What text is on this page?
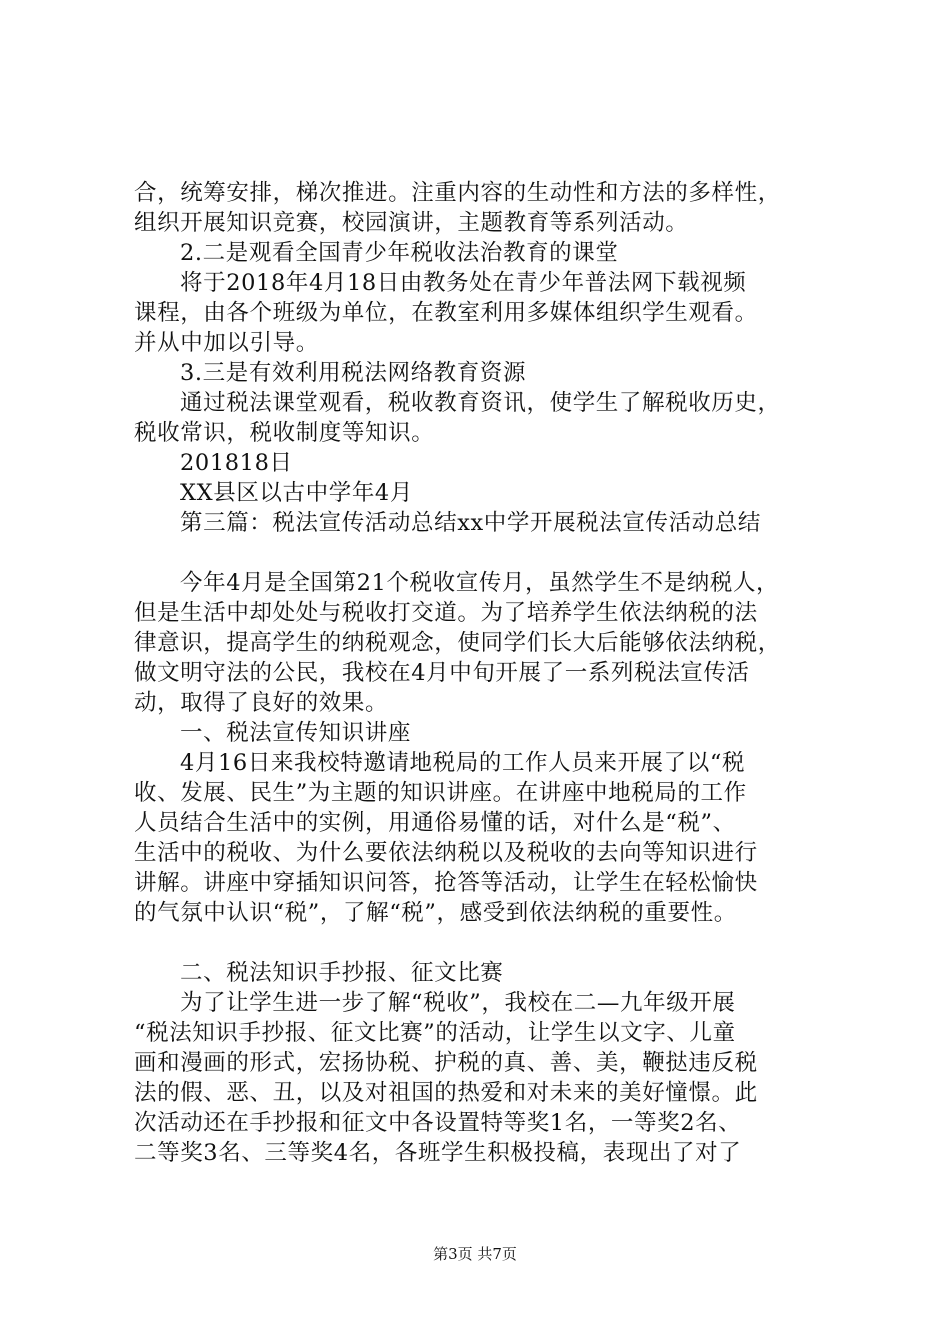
合，统筹安排，梯次推进。注重内容的生动性和方法的多样性，
组织开展知识竞赛，校园演讲，主题教育等系列活动。
2.二是观看全国青少年税收法治教育的课堂
将于2018年4月18日由教务处在青少年普法网下载视频
课程，由各个班级为单位，在教室利用多媒体组织学生观看。
并从中加以引导。
3.三是有效利用税法网络教育资源
通过税法课堂观看，税收教育资讯，使学生了解税收历史，
税收常识，税收制度等知识。
201818日
XX县区以古中学年4月
第三篇：税法宣传活动总结xx中学开展税法宣传活动总结
今年4月是全国第21个税收宣传月，虽然学生不是纳税人，
但是生活中却处处与税收打交道。为了培养学生依法纳税的法
律意识，提高学生的纳税观念，使同学们长大后能够依法纳税，
做文明守法的公民，我校在4月中旬开展了一系列税法宣传活
动，取得了良好的效果。
一、税法宣传知识讲座
4月16日来我校特邀请地税局的工作人员来开展了以“税
收、发展、民生”为主题的知识讲座。在讲座中地税局的工作
人员结合生活中的实例，用通俗易懂的话，对什么是“税”、
生活中的税收、为什么要依法纳税以及税收的去向等知识进行
讲解。讲座中穿插知识问答，抢答等活动，让学生在轻松愉快
的气氛中认识“税”，了解“税”，感受到依法纳税的重要性。
二、税法知识手抄报、征文比赛
为了让学生进一步了解“税收”，我校在二—九年级开展
“税法知识手抄报、征文比赛”的活动，让学生以文字、儿童
画和漫画的形式，宏扬协税、护税的真、善、美，鞭挞违反税
法的假、恶、丑，以及对祖国的热爱和对未来的美好憧憬。此
次活动还在手抄报和征文中各设置特等奖1名，一等奖2名、
二等奖3名、三等奖4名，各班学生积极投稿，表现出了对了
第3页 共7页
